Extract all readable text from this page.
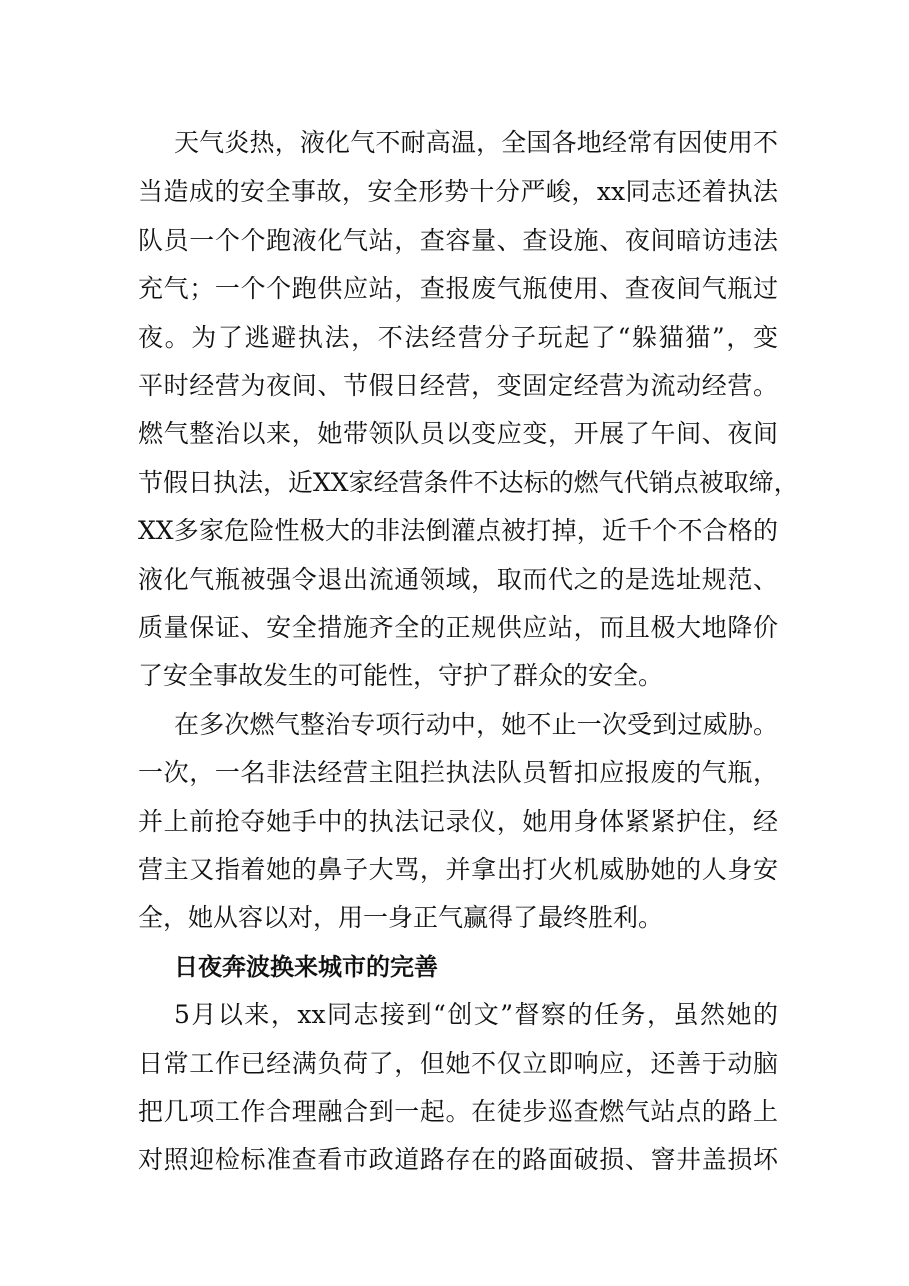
天气炎热，液化气不耐高温，全国各地经常有因使用不
当造成的安全事故，安全形势十分严峻，xx同志还着执法
队员一个个跑液化气站，查容量、查设施、夜间暗访违法
充气；一个个跑供应站，查报废气瓶使用、查夜间气瓶过
夜。为了逃避执法，不法经营分子玩起了“躲猫猫”，变
平时经营为夜间、节假日经营，变固定经营为流动经营。
燃气整治以来，她带领队员以变应变，开展了午间、夜间
节假日执法，近XX家经营条件不达标的燃气代销点被取缔，
XX多家危险性极大的非法倒灌点被打掉，近千个不合格的
液化气瓶被强令退出流通领域，取而代之的是选址规范、
质量保证、安全措施齐全的正规供应站，而且极大地降价
了安全事故发生的可能性，守护了群众的安全。
在多次燃气整治专项行动中，她不止一次受到过威胁。
一次，一名非法经营主阻拦执法队员暂扣应报废的气瓶，
并上前抢夺她手中的执法记录仪，她用身体紧紧护住，经
营主又指着她的鼻子大骂，并拿出打火机威胁她的人身安
全，她从容以对，用一身正气赢得了最终胜利。
日夜奔波换来城市的完善
5月以来，xx同志接到“创文”督察的任务，虽然她的
日常工作已经满负荷了，但她不仅立即响应，还善于动脑
把几项工作合理融合到一起。在徒步巡查燃气站点的路上
对照迎检标准查看市政道路存在的路面破损、窨井盖损坏
